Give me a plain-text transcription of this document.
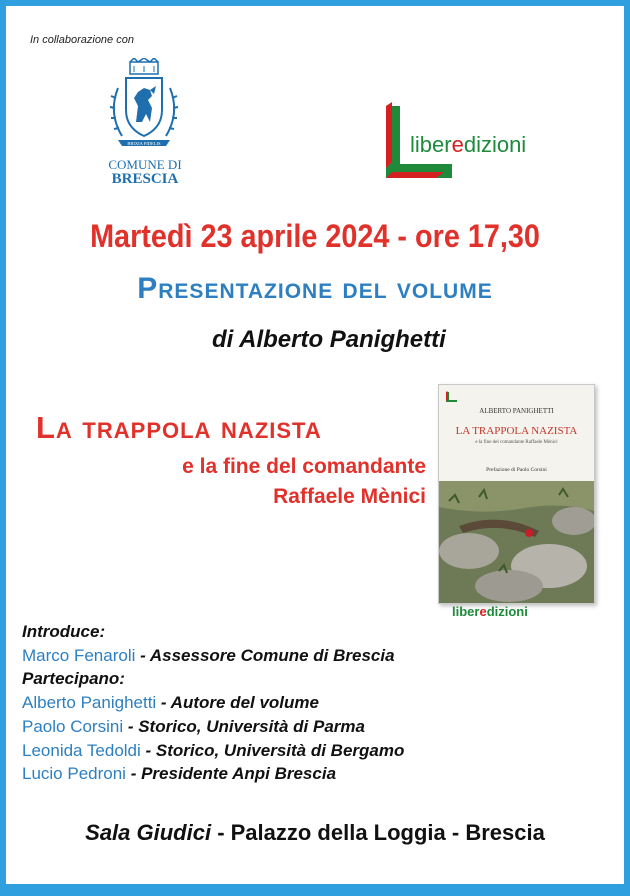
In collaborazione con
BRIXIA FIDELIS
COMUNE DI
BRESCIA
liberedizioni
Martedì 23 aprile 2024 - ore 17,30
Presentazione del volume
di Alberto Panighetti
La trappola nazista
e la fine del comandante
Raffaele Mènici
ALBERTO PANIGHETTI
LA TRAPPOLA NAZISTA
e la fine del comandante Raffaele Mènici
Prefazione di Paolo Corsini
liberedizioni
Introduce:
Marco Fenaroli - Assessore Comune di Brescia
Partecipano:
Alberto Panighetti - Autore del volume
Paolo Corsini - Storico, Università di Parma
Leonida Tedoldi - Storico, Università di Bergamo
Lucio Pedroni - Presidente Anpi Brescia
Sala Giudici - Palazzo della Loggia - Brescia
